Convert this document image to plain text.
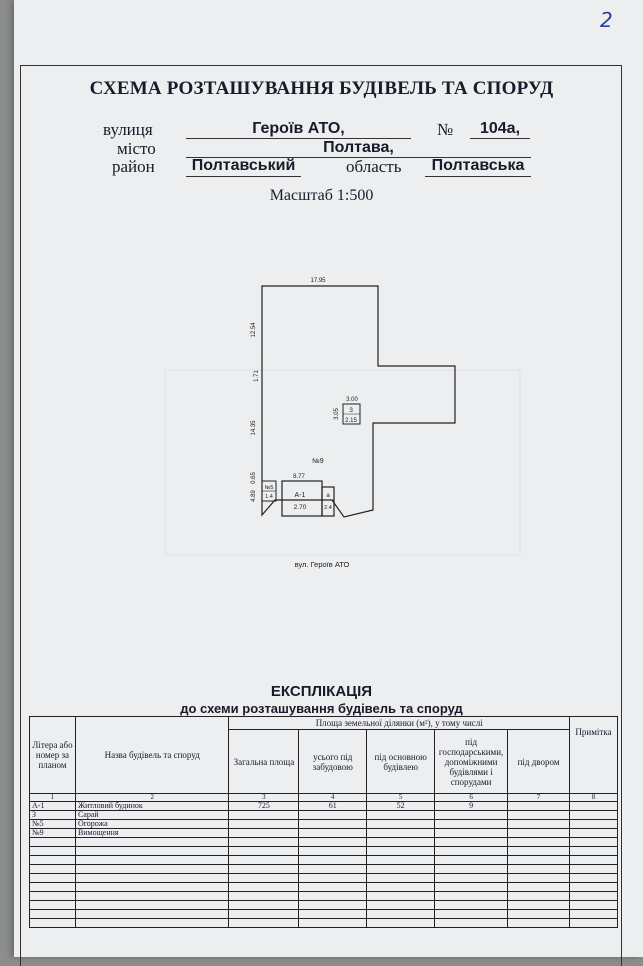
2
СХЕМА РОЗТАШУВАННЯ БУДІВЕЛЬ ТА СПОРУД

вулиця	Героїв АТО,	№	104а,
місто	Полтава,
район	Полтавський	область	Полтавська
Масштаб 1:500
17.95
12.54
1.71
14.35
0.65
4.89
8.77
№9
3.00
З
3.05
2.15
№5
1.4	А-1
2.70
а
2.4
вул. Героїв АТО
ЕКСПЛІКАЦІЯ
до схеми розташування будівель та споруд
Літера або номер за планом	Назва будівель та споруд	Площа земельної ділянки (м²), у тому числі					Примітка
		Загальна площа	усього під забудовою	під основною будівлею	під господарськими, допоміжними будівлями і спорудами	під двором	
1	2	3	4	5	6	7	8
А-1	Житловий будинок	725	61	52	9		
З	Сарай						
№5	Огорожа						
№9	Вимощення						
